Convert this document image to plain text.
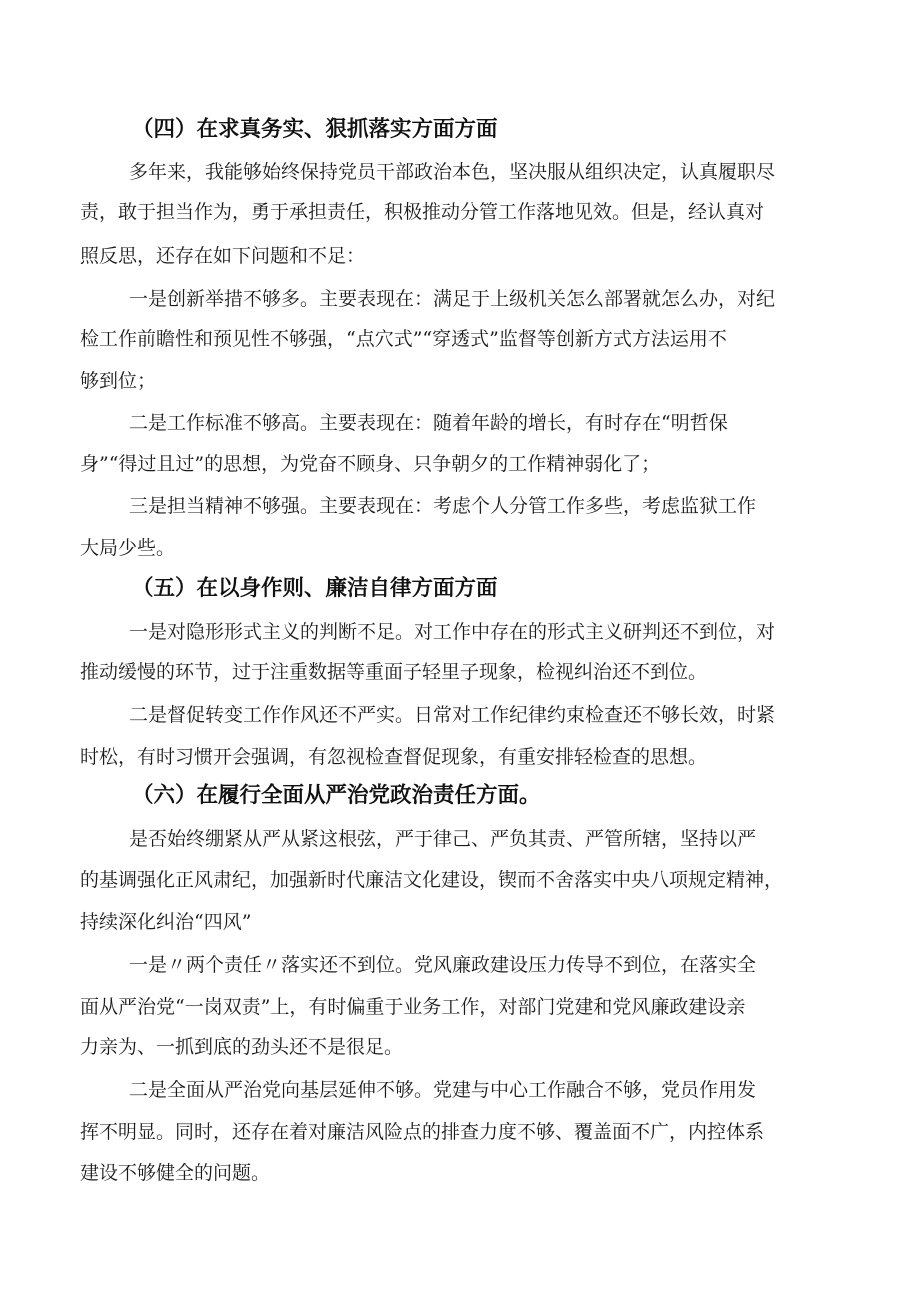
（四）在求真务实、狠抓落实方面方面
多年来，我能够始终保持党员干部政治本色，坚决服从组织决定，认真履职尽
责，敢于担当作为，勇于承担责任，积极推动分管工作落地见效。但是，经认真对
照反思，还存在如下问题和不足：
一是创新举措不够多。主要表现在：满足于上级机关怎么部署就怎么办，对纪
检工作前瞻性和预见性不够强，“点穴式”“穿透式”监督等创新方式方法运用不
够到位；
二是工作标准不够高。主要表现在：随着年龄的增长，有时存在“明哲保
身”“得过且过”的思想，为党奋不顾身、只争朝夕的工作精神弱化了；
三是担当精神不够强。主要表现在：考虑个人分管工作多些，考虑监狱工作
大局少些。
（五）在以身作则、廉洁自律方面方面
一是对隐形形式主义的判断不足。对工作中存在的形式主义研判还不到位，对
推动缓慢的环节，过于注重数据等重面子轻里子现象，检视纠治还不到位。
二是督促转变工作作风还不严实。日常对工作纪律约束检查还不够长效，时紧
时松，有时习惯开会强调，有忽视检查督促现象，有重安排轻检查的思想。
（六）在履行全面从严治党政治责任方面。
是否始终绷紧从严从紧这根弦，严于律己、严负其责、严管所辖，坚持以严
的基调强化正风肃纪，加强新时代廉洁文化建设，锲而不舍落实中央八项规定精神，
持续深化纠治“四风”
一是〃两个责任〃落实还不到位。党风廉政建设压力传导不到位，在落实全
面从严治党“一岗双责”上，有时偏重于业务工作，对部门党建和党风廉政建设亲
力亲为、一抓到底的劲头还不是很足。
二是全面从严治党向基层延伸不够。党建与中心工作融合不够，党员作用发
挥不明显。同时，还存在着对廉洁风险点的排查力度不够、覆盖面不广，内控体系
建设不够健全的问题。
